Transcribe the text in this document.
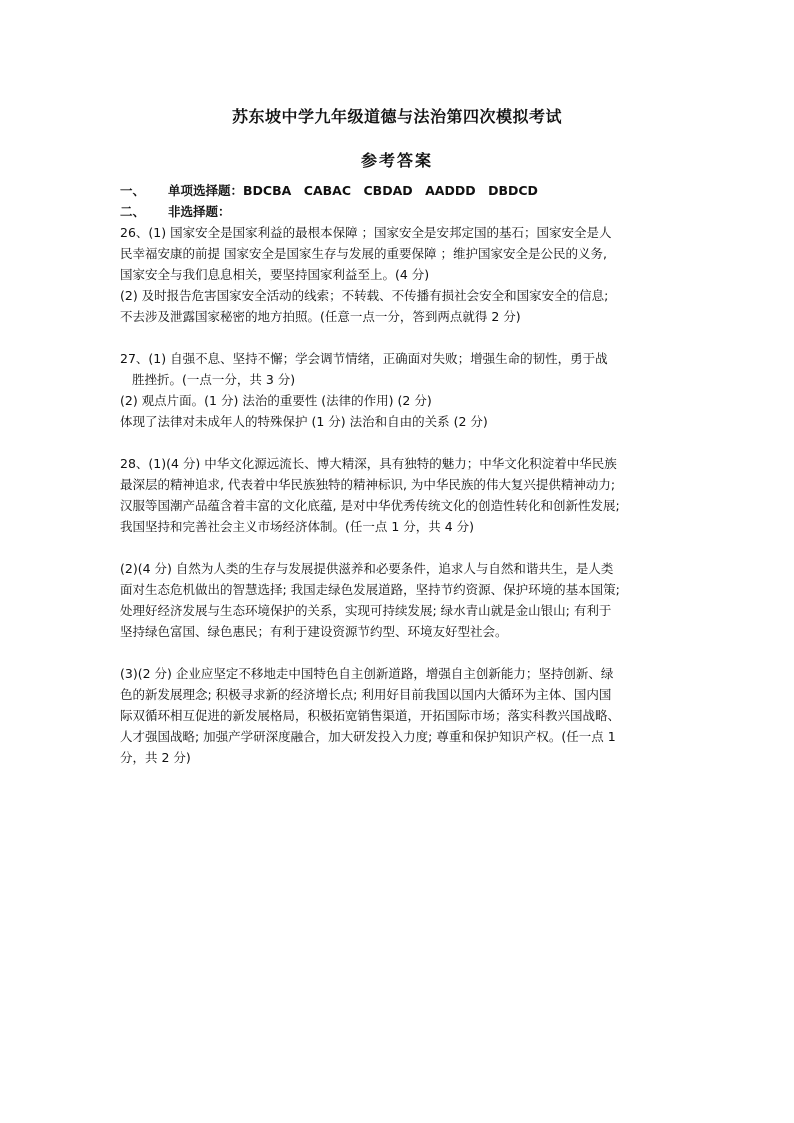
苏东坡中学九年级道德与法治第四次模拟考试
参考答案
一、 单项选择题：BDCBA　CABAC　CBDAD　AADDD　DBDCD
二、 非选择题：
26、(1) 国家安全是国家利益的最根本保障 ；国家安全是安邦定国的基石；国家安全是人
民幸福安康的前提 国家安全是国家生存与发展的重要保障 ；维护国家安全是公民的义务,
国家安全与我们息息相关，要坚持国家利益至上。(4 分)
(2) 及时报告危害国家安全活动的线索；不转载、不传播有损社会安全和国家安全的信息;
不去涉及泄露国家秘密的地方拍照。(任意一点一分，答到两点就得 2 分)
27、(1) 自强不息、坚持不懈；学会调节情绪，正确面对失败；增强生命的韧性，勇于战
胜挫折。(一点一分，共 3 分)
(2) 观点片面。(1 分) 法治的重要性 (法律的作用) (2 分)
体现了法律对未成年人的特殊保护 (1 分) 法治和自由的关系 (2 分)
28、(1)(4 分) 中华文化源远流长、博大精深，具有独特的魅力；中华文化积淀着中华民族
最深层的精神追求, 代表着中华民族独特的精神标识, 为中华民族的伟大复兴提供精神动力;
汉服等国潮产品蕴含着丰富的文化底蕴, 是对中华优秀传统文化的创造性转化和创新性发展;
我国坚持和完善社会主义市场经济体制。(任一点 1 分，共 4 分)
(2)(4 分) 自然为人类的生存与发展提供滋养和必要条件，追求人与自然和谐共生，是人类
面对生态危机做出的智慧选择; 我国走绿色发展道路，坚持节约资源、保护环境的基本国策;
处理好经济发展与生态环境保护的关系，实现可持续发展; 绿水青山就是金山银山; 有利于
坚持绿色富国、绿色惠民；有利于建设资源节约型、环境友好型社会。
(3)(2 分) 企业应坚定不移地走中国特色自主创新道路，增强自主创新能力；坚持创新、绿
色的新发展理念; 积极寻求新的经济增长点; 利用好目前我国以国内大循环为主体、国内国
际双循环相互促进的新发展格局，积极拓宽销售渠道，开拓国际市场；落实科教兴国战略、
人才强国战略; 加强产学研深度融合，加大研发投入力度; 尊重和保护知识产权。(任一点 1
分，共 2 分)
